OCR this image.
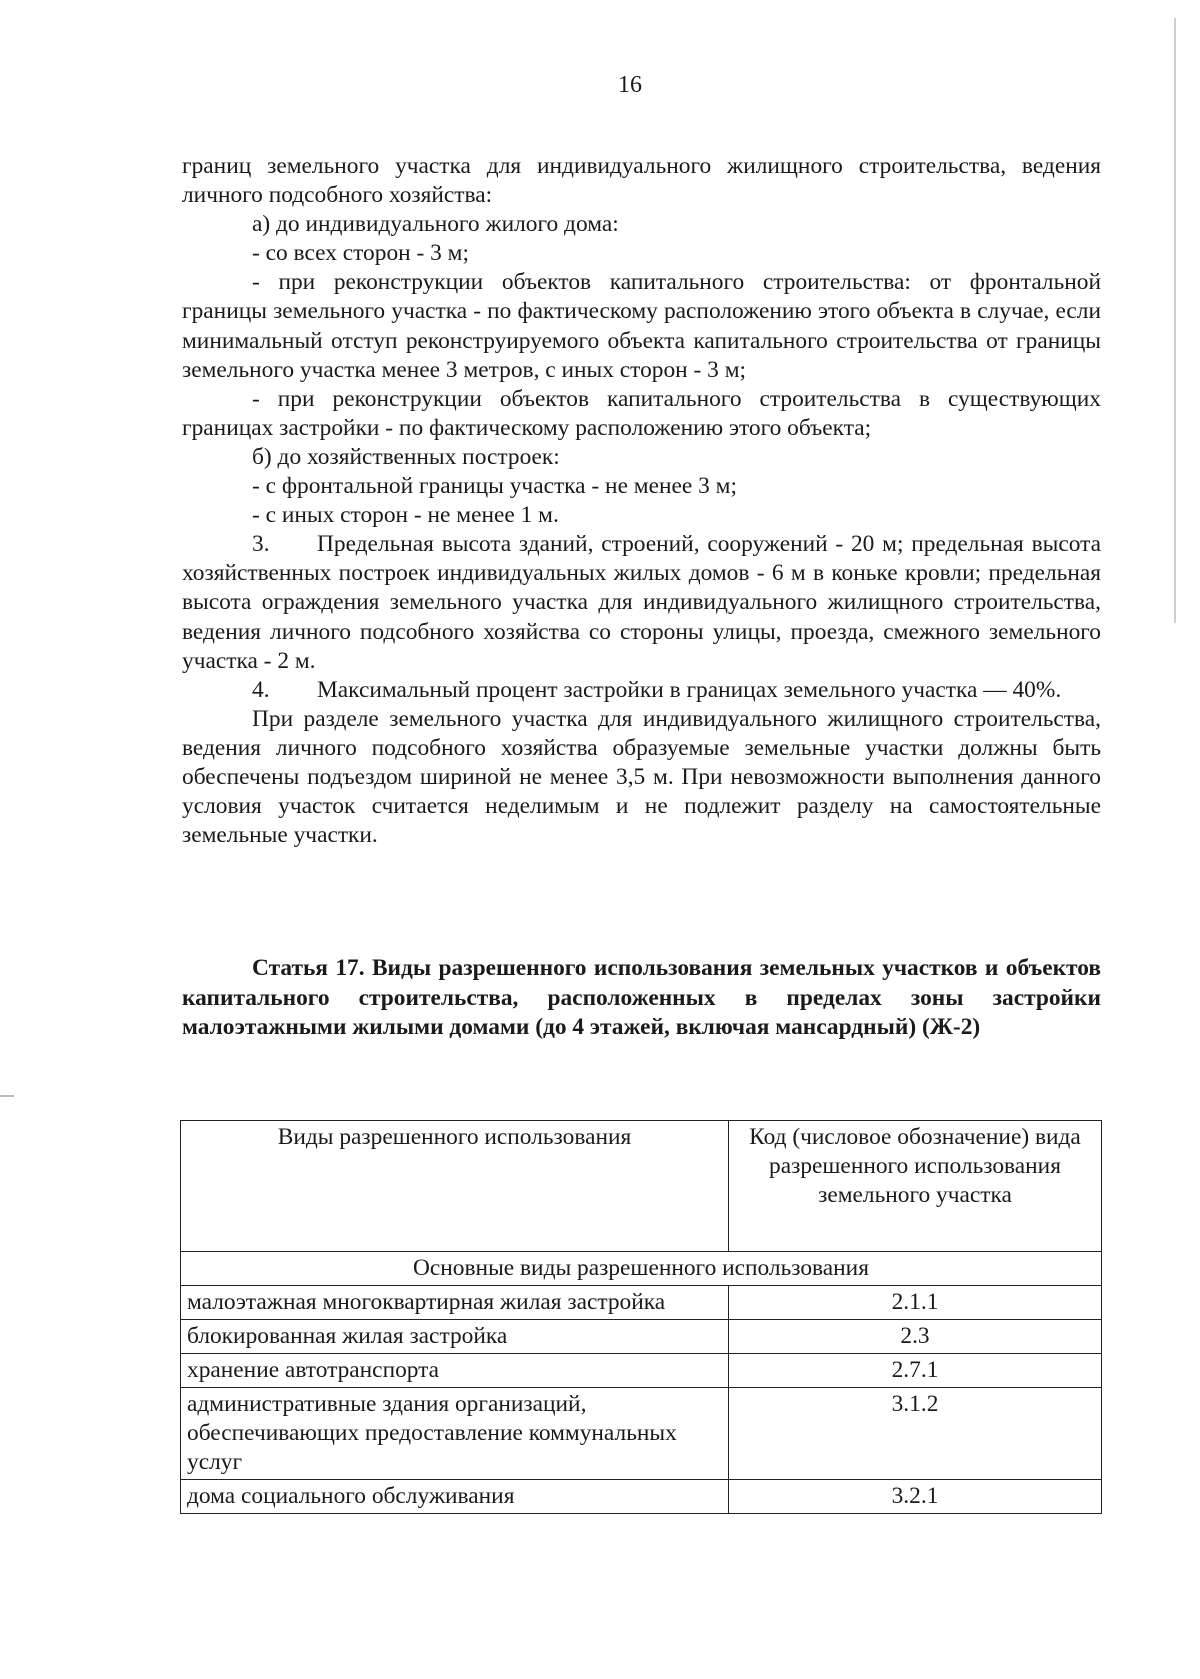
16

границ земельного участка для индивидуального жилищного строительства, ведения личного подсобного хозяйства:

а) до индивидуального жилого дома:

- со всех сторон - 3 м;

- при реконструкции объектов капитального строительства: от фронтальной границы земельного участка - по фактическому расположению этого объекта в случае, если минимальный отступ реконструируемого объекта капитального строительства от границы земельного участка менее 3 метров, с иных сторон - 3 м;

- при реконструкции объектов капитального строительства в существующих границах застройки - по фактическому расположению этого объекта;

б) до хозяйственных построек:

- с фронтальной границы участка - не менее 3 м;

- с иных сторон - не менее 1 м.

3. Предельная высота зданий, строений, сооружений - 20 м; предельная высота хозяйственных построек индивидуальных жилых домов - 6 м в коньке кровли; предельная высота ограждения земельного участка для индивидуального жилищного строительства, ведения личного подсобного хозяйства со стороны улицы, проезда, смежного земельного участка - 2 м.

4. Максимальный процент застройки в границах земельного участка — 40%.

При разделе земельного участка для индивидуального жилищного строительства, ведения личного подсобного хозяйства образуемые земельные участки должны быть обеспечены подъездом шириной не менее 3,5 м. При невозможности выполнения данного условия участок считается неделимым и не подлежит разделу на самостоятельные земельные участки.

Статья 17. Виды разрешенного использования земельных участков и объектов капитального строительства, расположенных в пределах зоны застройки малоэтажными жилыми домами (до 4 этажей, включая мансардный) (Ж-2)
Виды разрешенного использования	Код (числовое обозначение) вида разрешенного использования земельного участка
Основные виды разрешенного использования	
малоэтажная многоквартирная жилая застройка	2.1.1
блокированная жилая застройка	2.3
хранение автотранспорта	2.7.1
административные здания организаций, обеспечивающих предоставление коммунальных услуг	3.1.2
дома социального обслуживания	3.2.1
